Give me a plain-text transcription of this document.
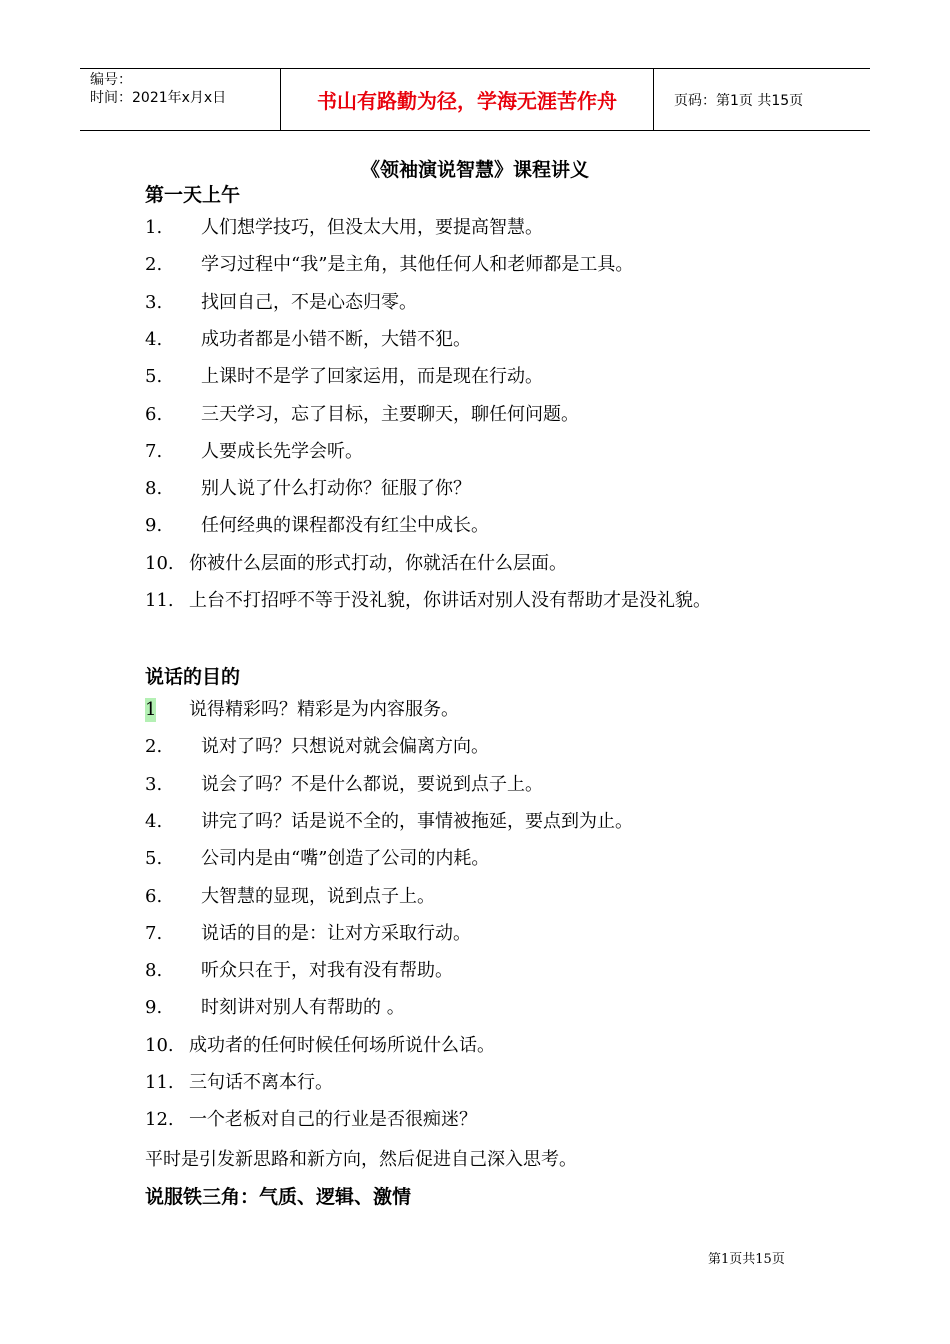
编号：
时间：2021年x月x日	书山有路勤为径，学海无涯苦作舟	页码：第1页 共15页
《领袖演说智慧》课程讲义
第一天上午
1. 人们想学技巧，但没太大用，要提高智慧。
2. 学习过程中“我”是主角，其他任何人和老师都是工具。
3. 找回自己，不是心态归零。
4. 成功者都是小错不断，大错不犯。
5. 上课时不是学了回家运用，而是现在行动。
6. 三天学习，忘了目标，主要聊天，聊任何问题。
7. 人要成长先学会听。
8. 别人说了什么打动你？征服了你？
9. 任何经典的课程都没有红尘中成长。
10. 你被什么层面的形式打动，你就活在什么层面。
11. 上台不打招呼不等于没礼貌，你讲话对别人没有帮助才是没礼貌。
说话的目的
1 说得精彩吗？精彩是为内容服务。
2. 说对了吗？只想说对就会偏离方向。
3. 说会了吗？不是什么都说，要说到点子上。
4. 讲完了吗？话是说不全的，事情被拖延，要点到为止。
5. 公司内是由“嘴”创造了公司的内耗。
6. 大智慧的显现，说到点子上。
7. 说话的目的是：让对方采取行动。
8. 听众只在于，对我有没有帮助。
9. 时刻讲对别人有帮助的 。
10. 成功者的任何时候任何场所说什么话。
11. 三句话不离本行。
12. 一个老板对自己的行业是否很痴迷？
平时是引发新思路和新方向，然后促进自己深入思考。
说服铁三角：气质、逻辑、激情
第1页共15页
